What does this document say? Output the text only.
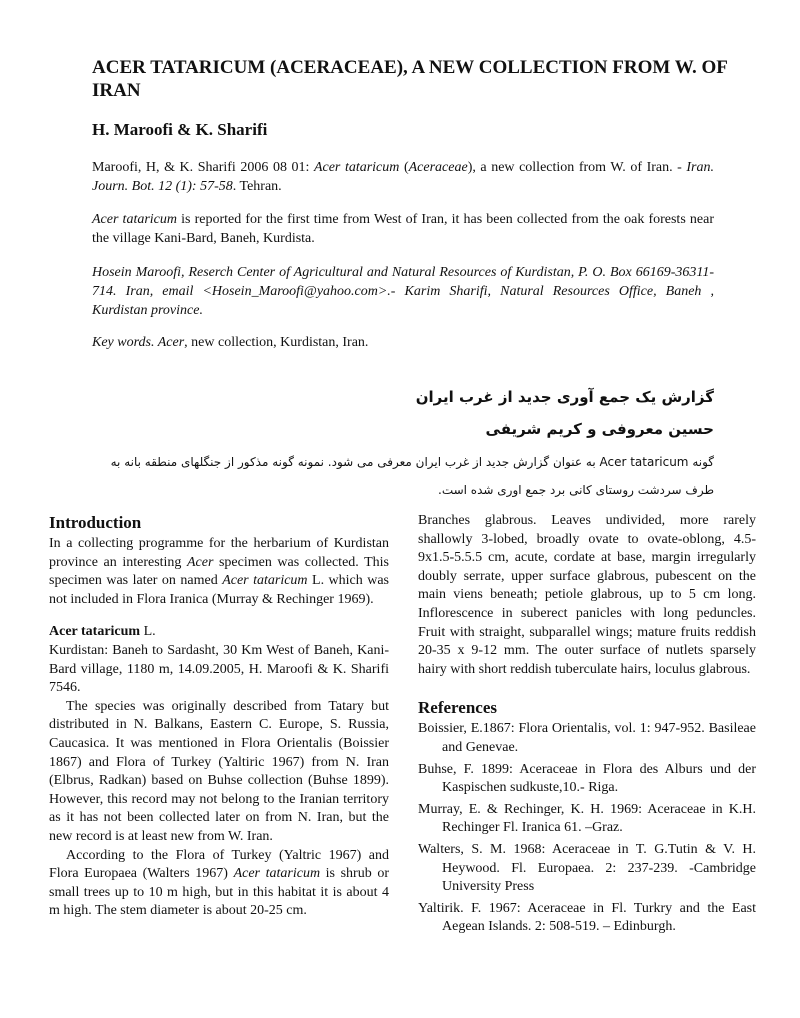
ACER TATARICUM (ACERACEAE), A NEW COLLECTION FROM W. OF IRAN

H. Maroofi & K. Sharifi

Maroofi, H, & K. Sharifi 2006 08 01: Acer tataricum (Aceraceae), a new collection from W. of Iran. - Iran. Journ. Bot. 12 (1): 57-58. Tehran.

Acer tataricum is reported for the first time from West of Iran, it has been collected from the oak forests near the village Kani-Bard, Baneh, Kurdista.

Hosein Maroofi, Reserch Center of Agricultural and Natural Resources of Kurdistan, P. O. Box 66169-36311-714. Iran, email <Hosein_Maroofi@yahoo.com>.- Karim Sharifi, Natural Resources Office, Baneh , Kurdistan province.

Key words. Acer, new collection, Kurdistan, Iran.

گزارش یک جمع آوری جدید از غرب ایران

حسین معروفی و کریم شریفی

گونه Acer tataricum به عنوان گزارش جدید از غرب ایران معرفی می شود. نمونه گونه مذکور از جنگلهای منطقه بانه به طرف سردشت روستای کانی برد جمع اوری شده است.

Introduction

In a collecting programme for the herbarium of Kurdistan province an interesting Acer specimen was collected. This specimen was later on named Acer tataricum L. which was not included in Flora Iranica (Murray & Rechinger 1969).

Acer tataricum L.

Kurdistan: Baneh to Sardasht, 30 Km West of Baneh, Kani-Bard village, 1180 m, 14.09.2005, H. Maroofi & K. Sharifi 7546.

The species was originally described from Tatary but distributed in N. Balkans, Eastern C. Europe, S. Russia, Caucasica. It was mentioned in Flora Orientalis (Boissier 1867) and Flora of Turkey (Yaltiric 1967) from N. Iran (Elbrus, Radkan) based on Buhse collection (Buhse 1899). However, this record may not belong to the Iranian territory as it has not been collected later on from N. Iran, but the new record is at least new from W. Iran.

According to the Flora of Turkey (Yaltric 1967) and Flora Europaea (Walters 1967) Acer tataricum is shrub or small trees up to 10 m high, but in this habitat it is about 4 m high. The stem diameter is about 20-25 cm.

Branches glabrous. Leaves undivided, more rarely shallowly 3-lobed, broadly ovate to ovate-oblong, 4.5-9x1.5-5.5.5 cm, acute, cordate at base, margin irregularly doubly serrate, upper surface glabrous, pubescent on the main viens beneath; petiole glabrous, up to 5 cm long. Inflorescence in suberect panicles with long peduncles. Fruit with straight, subparallel wings; mature fruits reddish 20-35 x 9-12 mm. The outer surface of nutlets sparsely hairy with short reddish tuberculate hairs, loculus glabrous.

References

Boissier, E.1867: Flora Orientalis, vol. 1: 947-952. Basileae and Genevae.

Buhse, F. 1899: Aceraceae in Flora des Alburs und der Kaspischen sudkuste,10.- Riga.

Murray, E. & Rechinger, K. H. 1969: Aceraceae in K.H. Rechinger Fl. Iranica 61. –Graz.

Walters, S. M. 1968: Aceraceae in T. G.Tutin & V. H. Heywood. Fl. Europaea. 2: 237-239. -Cambridge University Press

Yaltirik. F. 1967: Aceraceae in Fl. Turkry and the East Aegean Islands. 2: 508-519. – Edinburgh.
